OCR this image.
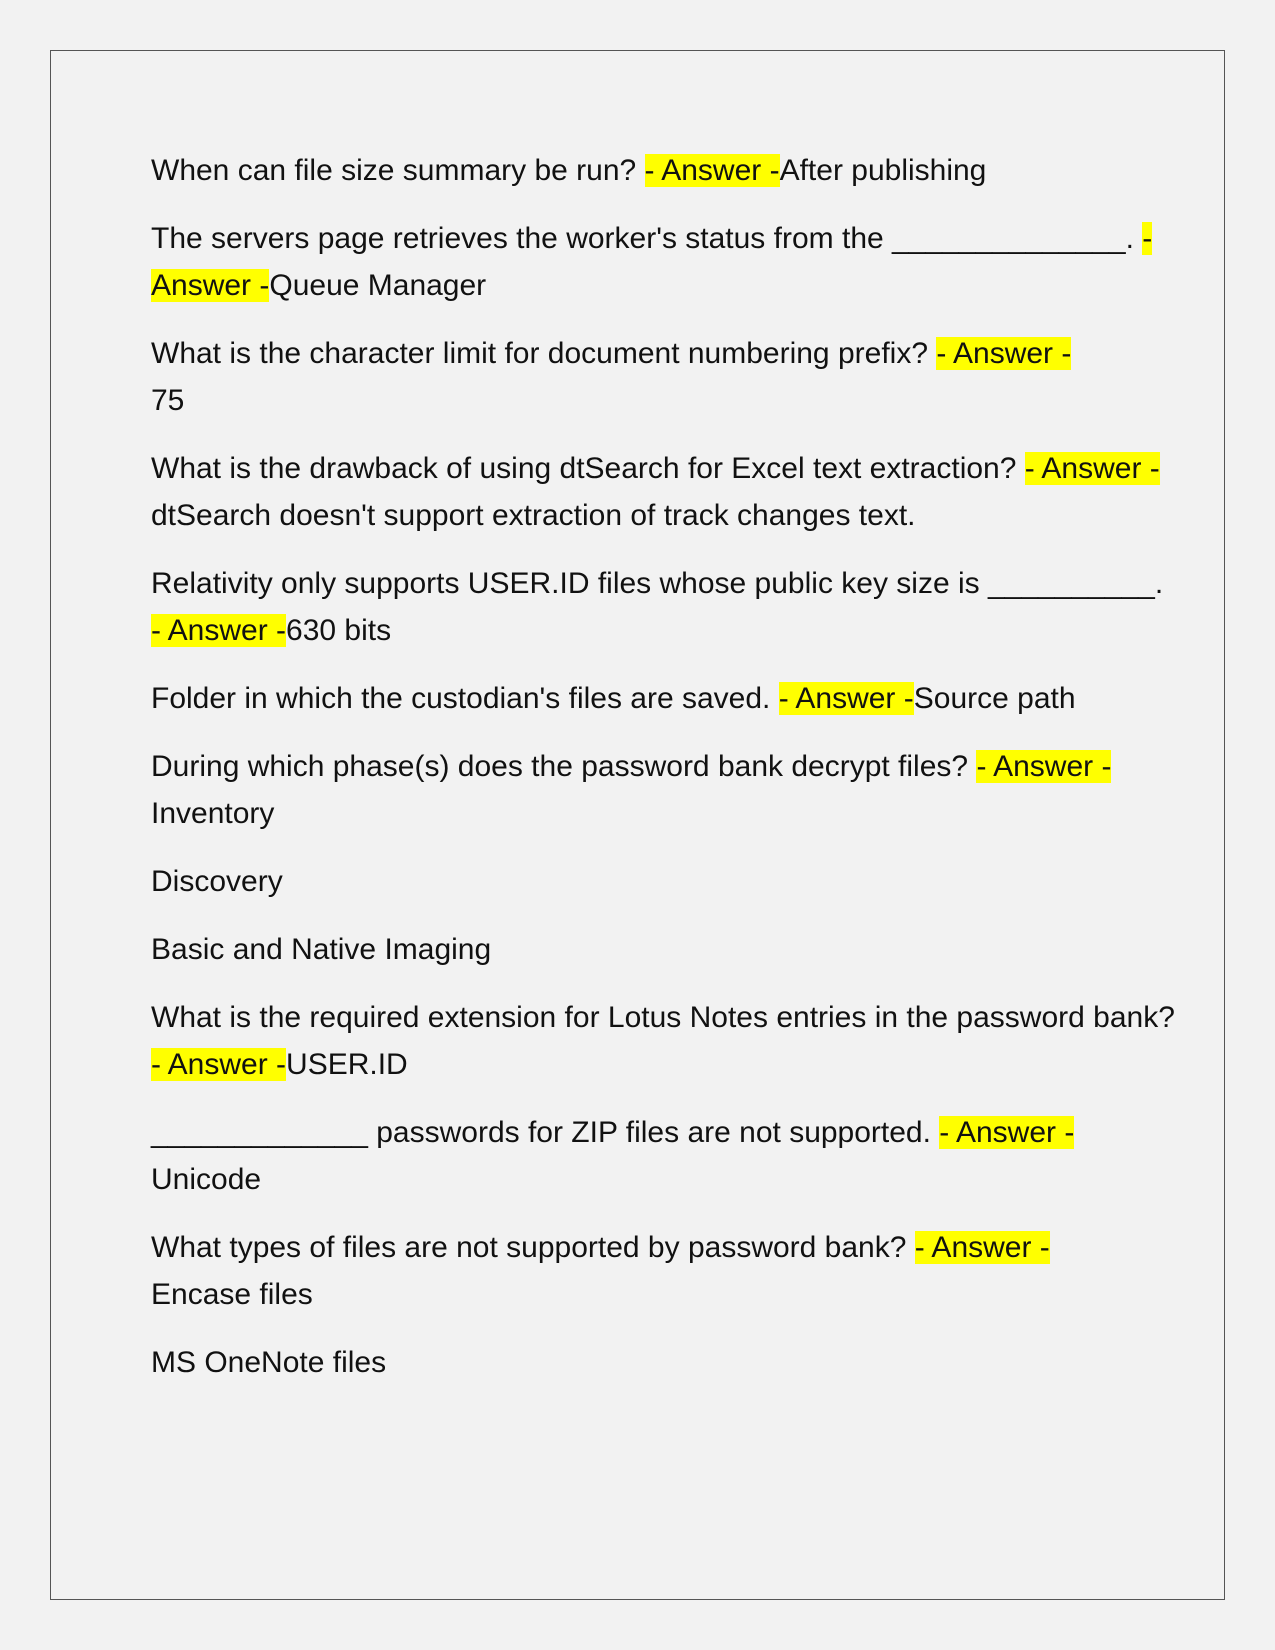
When can file size summary be run? - Answer -After publishing

The servers page retrieves the worker's status from the ______________. - Answer -Queue Manager

What is the character limit for document numbering prefix? - Answer -
75

What is the drawback of using dtSearch for Excel text extraction? - Answer -dtSearch doesn't support extraction of track changes text.

Relativity only supports USER.ID files whose public key size is __________. - Answer -630 bits

Folder in which the custodian's files are saved. - Answer -Source path

During which phase(s) does the password bank decrypt files? - Answer -
Inventory

Discovery

Basic and Native Imaging

What is the required extension for Lotus Notes entries in the password bank? - Answer -USER.ID

_____________ passwords for ZIP files are not supported. - Answer -
Unicode

What types of files are not supported by password bank? - Answer -
Encase files

MS OneNote files
